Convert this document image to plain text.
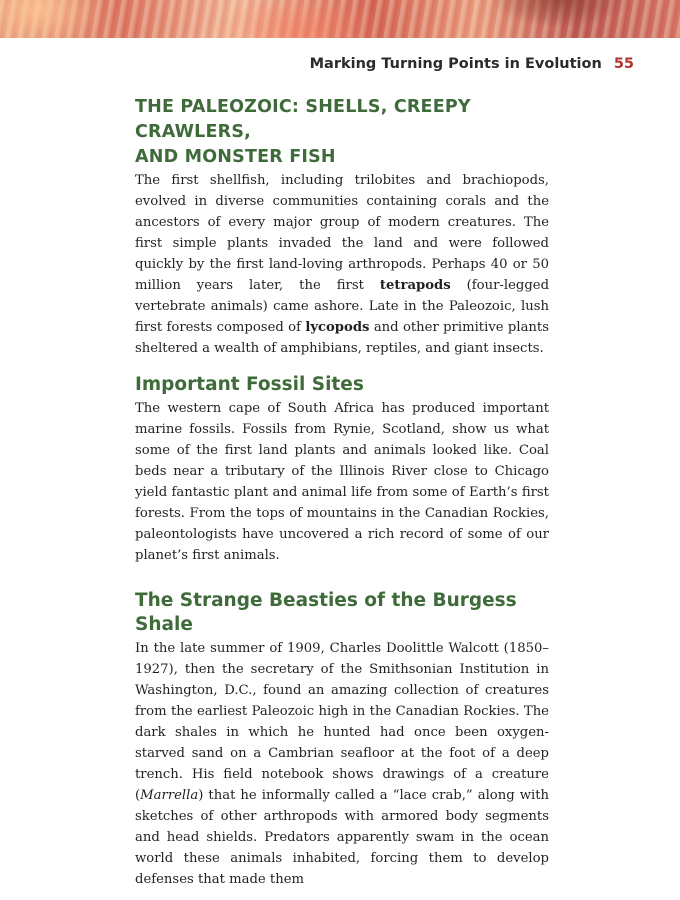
Marking Turning Points in Evolution 55
THE PALEOZOIC: SHELLS, CREEPY CRAWLERS,
AND MONSTER FISH

The first shellfish, including trilobites and brachiopods, evolved in diverse communities containing corals and the ancestors of every major group of modern creatures. The first simple plants invaded the land and were followed quickly by the first land-loving arthropods. Perhaps 40 or 50 million years later, the first tetrapods (four-legged vertebrate animals) came ashore. Late in the Paleozoic, lush first forests composed of lycopods and other primitive plants sheltered a wealth of amphibians, reptiles, and giant insects.

Important Fossil Sites

The western cape of South Africa has produced important marine fossils. Fossils from Rynie, Scotland, show us what some of the first land plants and animals looked like. Coal beds near a tributary of the Illinois River close to Chicago yield fantastic plant and animal life from some of Earth’s first forests. From the tops of mountains in the Canadian Rockies, paleontologists have uncovered a rich record of some of our planet’s first animals.

The Strange Beasties of the Burgess Shale

In the late summer of 1909, Charles Doolittle Walcott (1850–1927), then the secretary of the Smithsonian Institution in Washington, D.C., found an amazing collection of creatures from the earliest Paleozoic high in the Canadian Rockies. The dark shales in which he hunted had once been oxygen-starved sand on a Cambrian seafloor at the foot of a deep trench. His field notebook shows drawings of a creature (Marrella) that he informally called a “lace crab,” along with sketches of other arthropods with armored body segments and head shields. Predators apparently swam in the ocean world these animals inhabited, forcing them to develop defenses that made them
